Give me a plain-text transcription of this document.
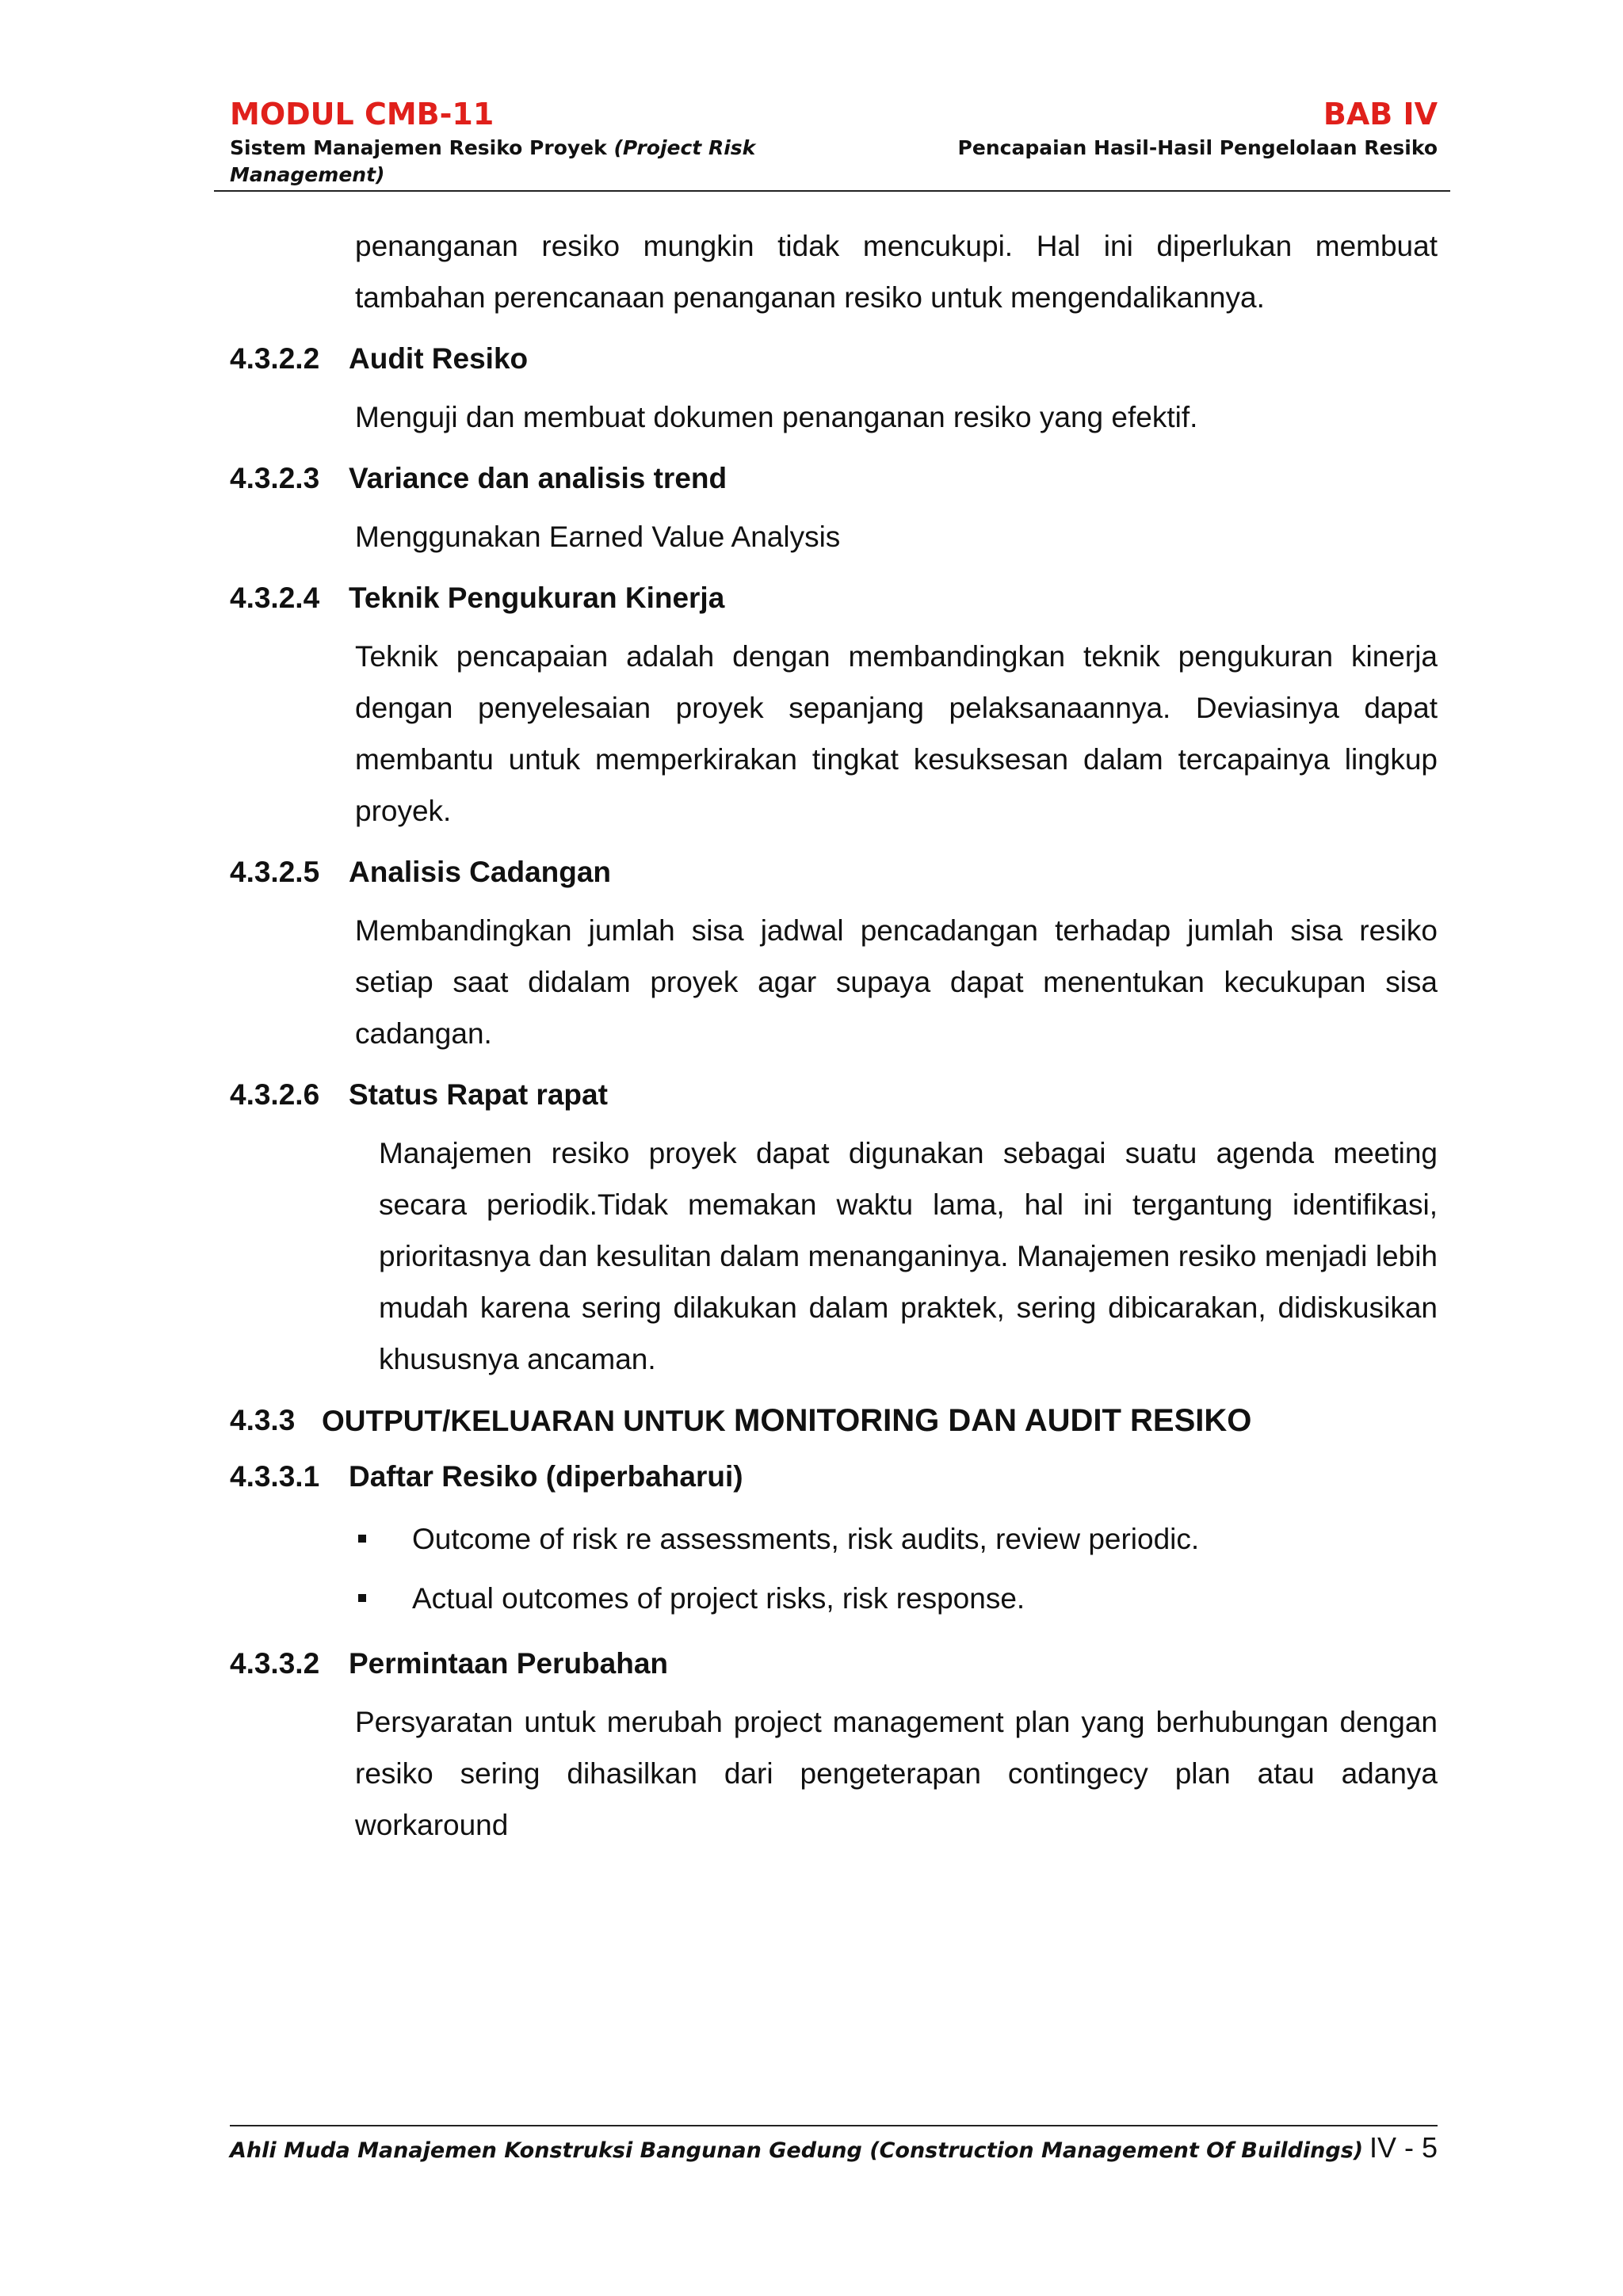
MODUL CMB-11	BAB IV
Sistem Manajemen Resiko Proyek (Project Risk Management)
Pencapaian Hasil-Hasil Pengelolaan Resiko

penanganan resiko mungkin tidak mencukupi. Hal ini diperlukan membuat tambahan perencanaan penanganan resiko untuk mengendalikannya.

4.3.2.2 Audit Resiko

Menguji dan membuat dokumen penanganan resiko yang efektif.

4.3.2.3 Variance dan analisis trend

Menggunakan Earned Value Analysis

4.3.2.4 Teknik Pengukuran Kinerja

Teknik pencapaian adalah dengan membandingkan teknik pengukuran kinerja dengan penyelesaian proyek sepanjang pelaksanaannya. Deviasinya dapat membantu untuk memperkirakan tingkat kesuksesan dalam tercapainya lingkup proyek.

4.3.2.5 Analisis Cadangan

Membandingkan jumlah sisa jadwal pencadangan terhadap jumlah sisa resiko setiap saat didalam proyek agar supaya dapat menentukan kecukupan sisa cadangan.

4.3.2.6 Status Rapat rapat

Manajemen resiko proyek dapat digunakan sebagai suatu agenda meeting secara periodik.Tidak memakan waktu lama, hal ini tergantung identifikasi, prioritasnya dan kesulitan dalam menanganinya. Manajemen resiko menjadi lebih mudah karena sering dilakukan dalam praktek, sering dibicarakan, didiskusikan khususnya ancaman.

4.3.3 OUTPUT/KELUARAN UNTUK MONITORING DAN AUDIT RESIKO
4.3.3.1 Daftar Resiko (diperbaharui)
Outcome of risk re assessments, risk audits, review periodic.
Actual outcomes of project risks, risk response.
4.3.3.2 Permintaan Perubahan

Persyaratan untuk merubah project management plan yang berhubungan dengan resiko sering dihasilkan dari pengeterapan contingecy plan atau adanya workaround

Ahli Muda Manajemen Konstruksi Bangunan Gedung (Construction Management Of Buildings) IV - 5
